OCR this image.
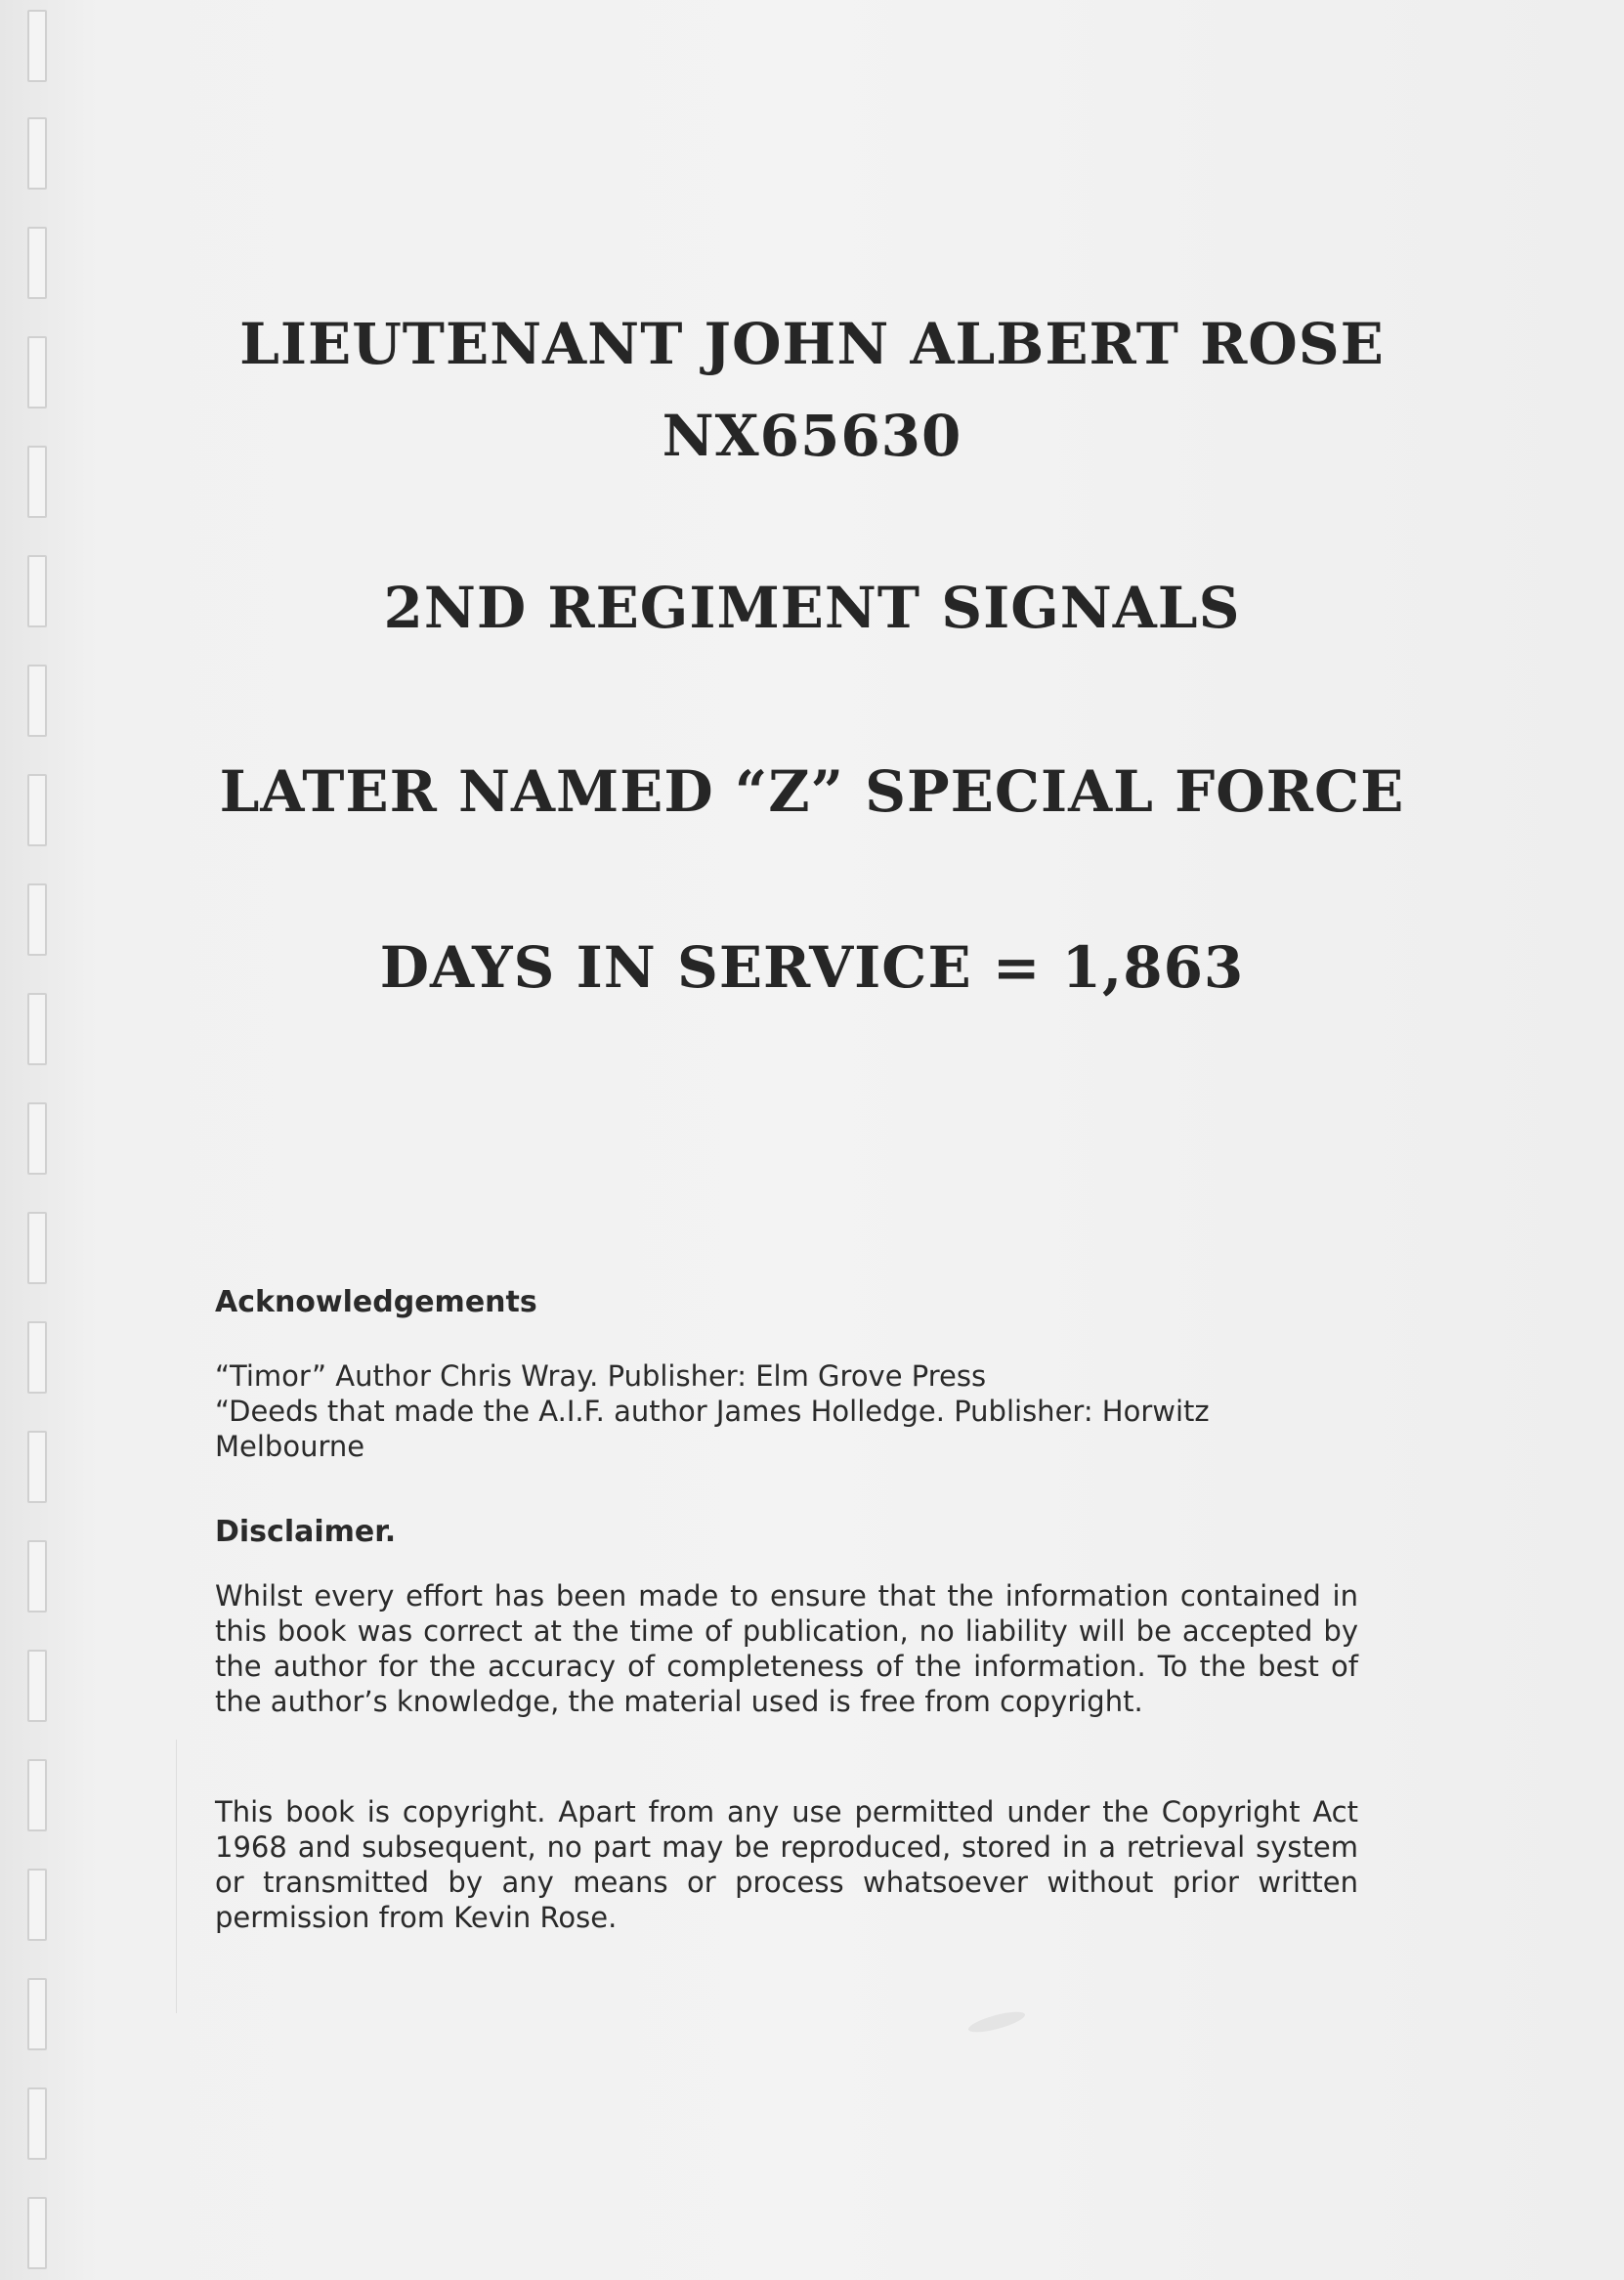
LIEUTENANT JOHN ALBERT ROSE
NX65630
2ND REGIMENT SIGNALS
LATER NAMED “Z” SPECIAL FORCE
DAYS IN SERVICE = 1,863
Acknowledgements
“Timor” Author Chris Wray. Publisher: Elm Grove Press
“Deeds that made the A.I.F. author James Holledge. Publisher: Horwitz Melbourne
Disclaimer.
Whilst every effort has been made to ensure that the information contained in this book was correct at the time of publication, no liability will be accepted by the author for the accuracy of completeness of the information. To the best of the author’s knowledge, the material used is free from copyright.
This book is copyright. Apart from any use permitted under the Copyright Act 1968 and subsequent, no part may be reproduced, stored in a retrieval system or transmitted by any means or process whatsoever without prior written permission from Kevin Rose.
